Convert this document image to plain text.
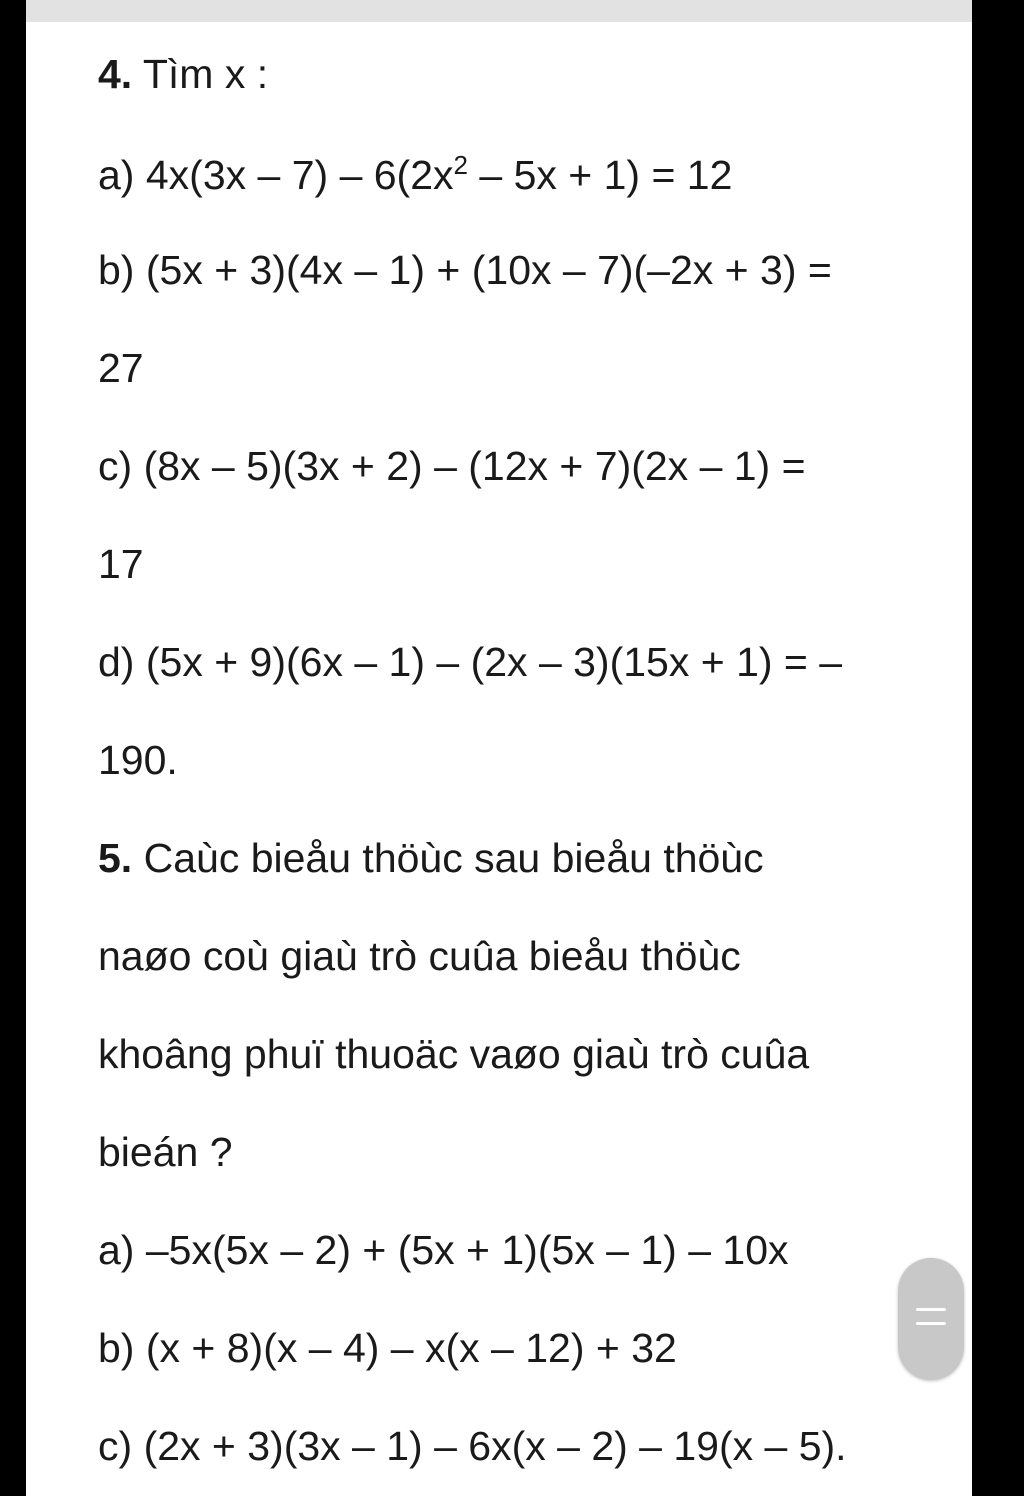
4. Tìm x :
a) $4x(3x - 7) - 6(2x^2 - 5x + 1) = 12$
b) (5x + 3)(4x – 1) + (10x – 7)(–2x + 3) =
27
c) (8x – 5)(3x + 2) – (12x + 7)(2x – 1) =
17
d) (5x + 9)(6x – 1) – (2x – 3)(15x + 1) = –
190.
5. Caùc bieåu thöùc sau bieåu thöùc
naøo coù giaù trò cuûa bieåu thöùc
khoâng phuï thuoäc vaøo giaù trò cuûa
bieán ?
a) –5x(5x – 2) + (5x + 1)(5x – 1) – 10x
b) (x + 8)(x – 4) – x(x – 12) + 32
c) (2x + 3)(3x – 1) – 6x(x – 2) – 19(x – 5).
